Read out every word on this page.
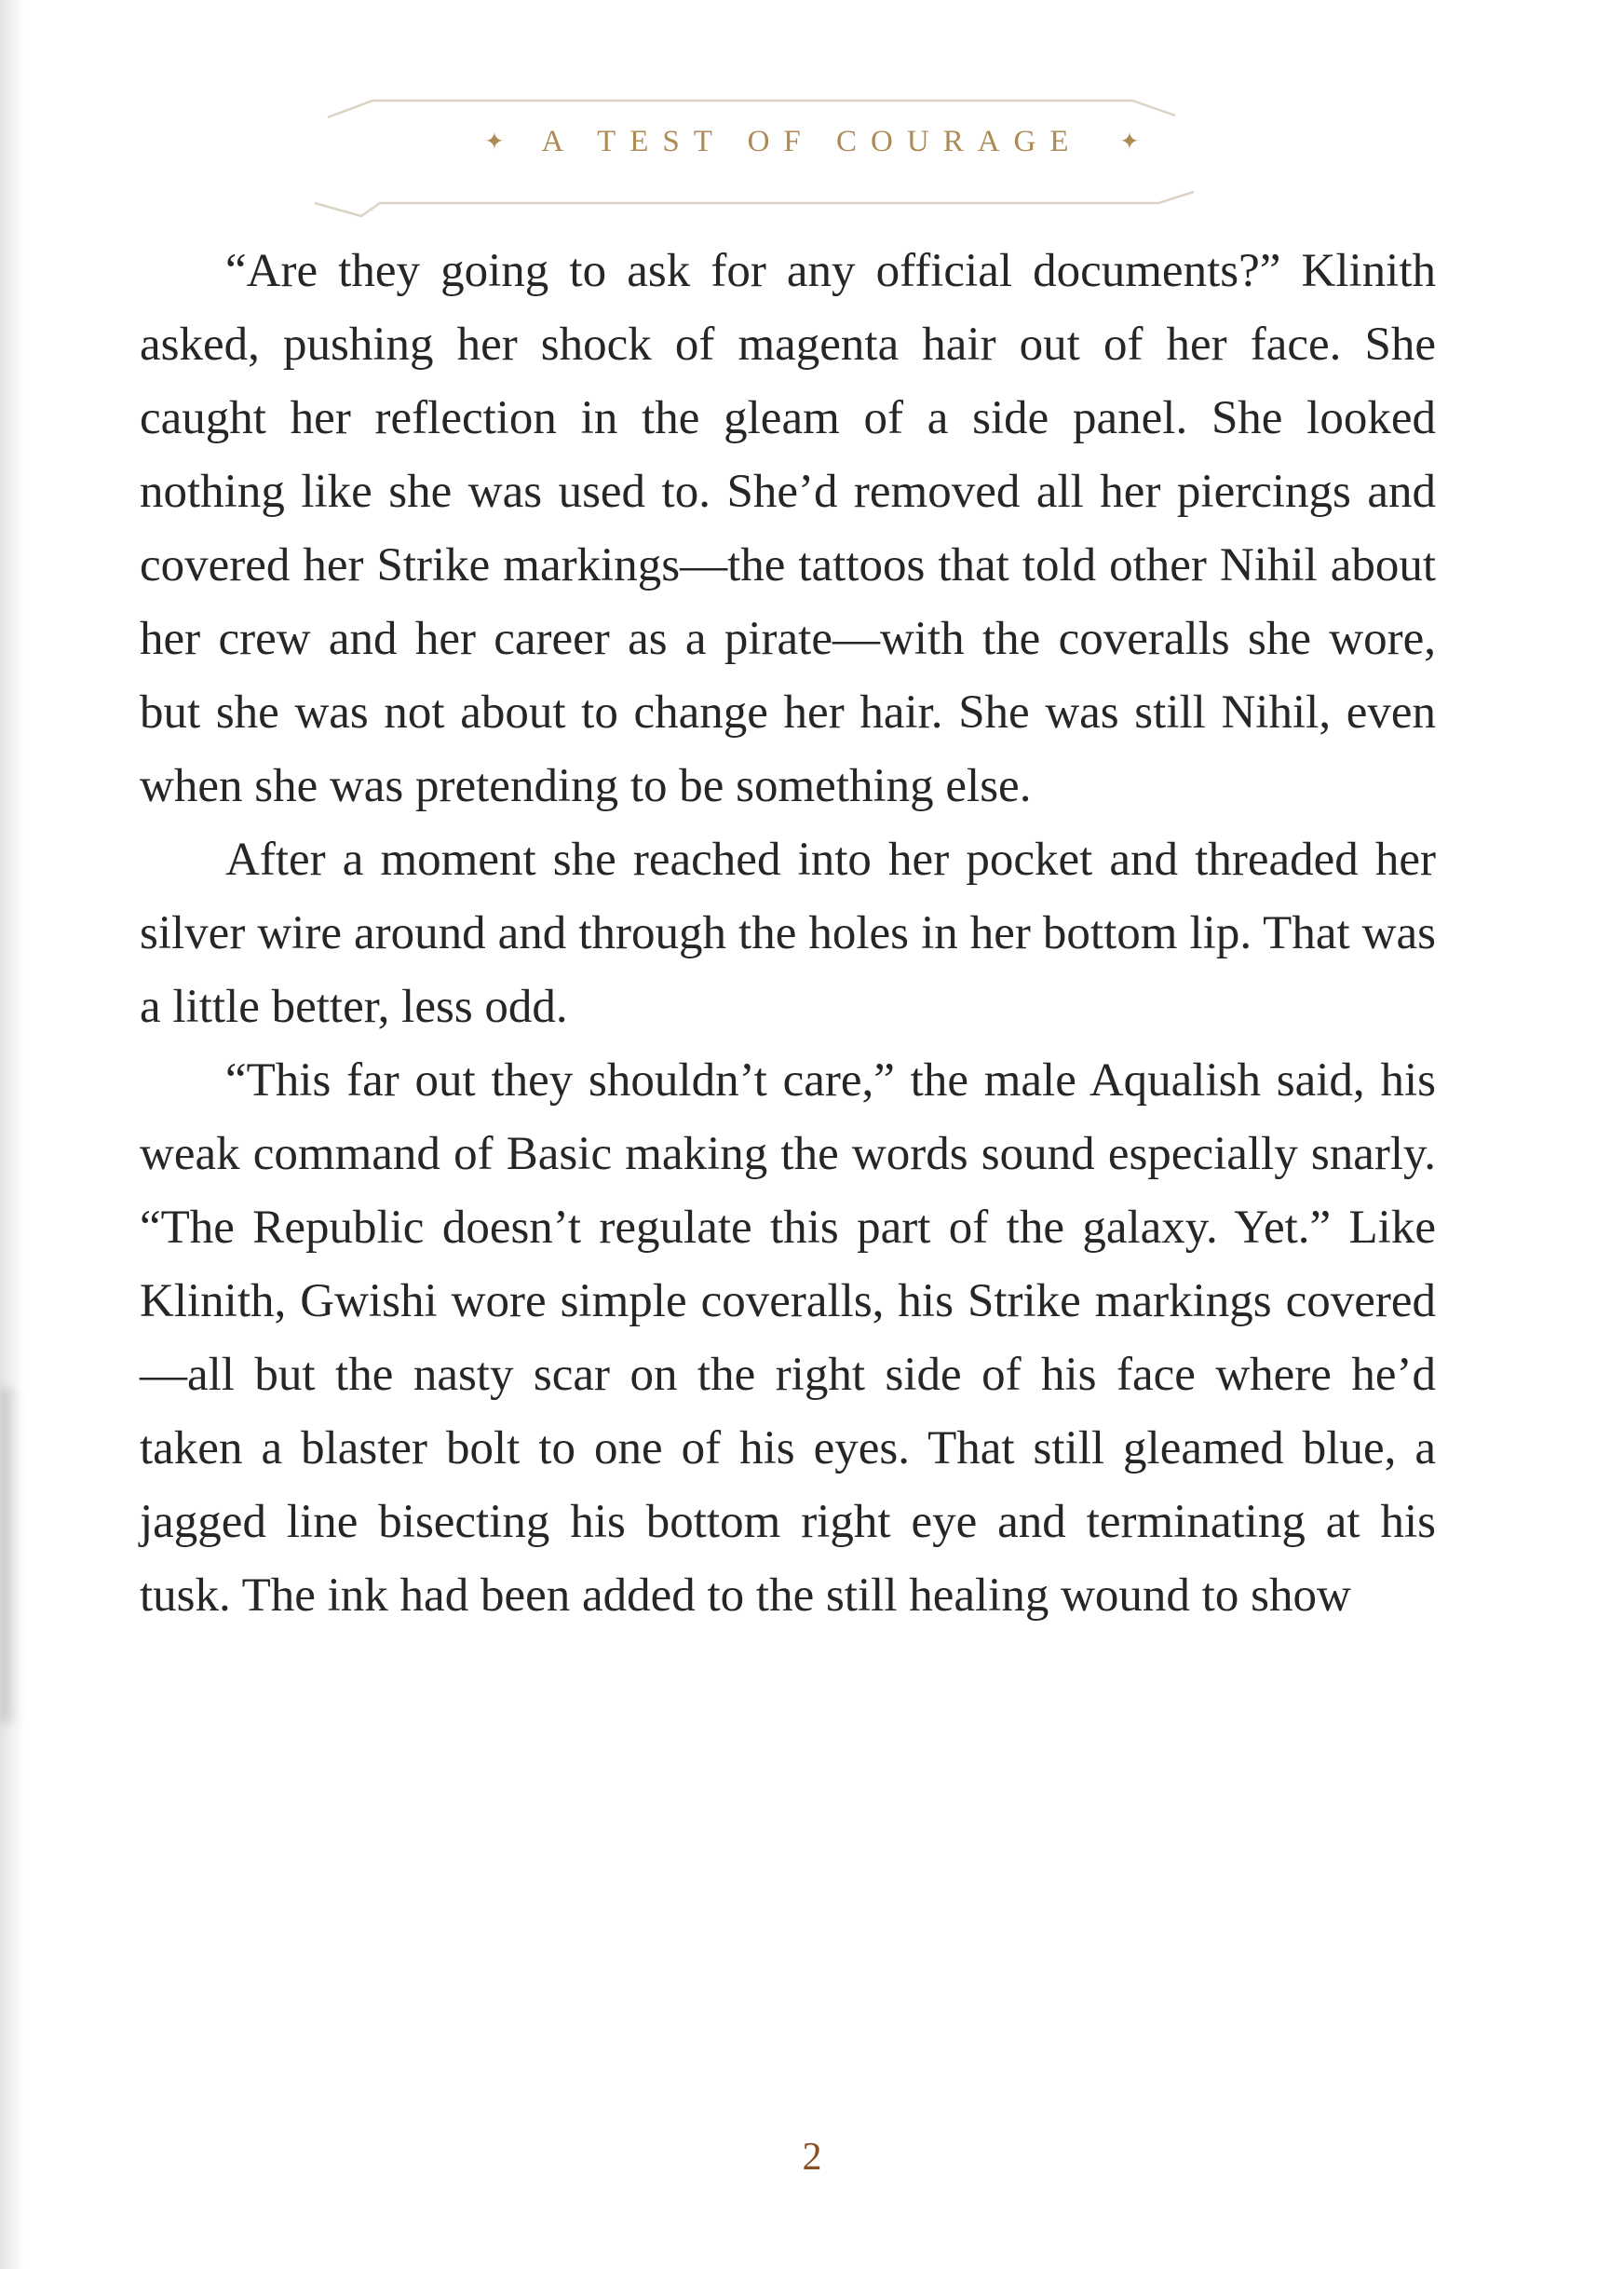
✦ A TEST OF COURAGE ✦

“Are they going to ask for any official documents?” Klinith asked, pushing her shock of magenta hair out of her face. She caught her reflection in the gleam of a side panel. She looked nothing like she was used to. She’d removed all her piercings and covered her Strike markings—the tattoos that told other Nihil about her crew and her career as a pirate—with the coveralls she wore, but she was not about to change her hair. She was still Nihil, even when she was pretending to be something else.

After a moment she reached into her pocket and threaded her silver wire around and through the holes in her bottom lip. That was a little better, less odd.

“This far out they shouldn’t care,” the male Aqualish said, his weak command of Basic making the words sound especially snarly. “The Republic doesn’t regulate this part of the galaxy. Yet.” Like Klinith, Gwishi wore simple coveralls, his Strike markings covered—all but the nasty scar on the right side of his face where he’d taken a blaster bolt to one of his eyes. That still gleamed blue, a jagged line bisecting his bottom right eye and terminating at his tusk. The ink had been added to the still healing wound to show

2
